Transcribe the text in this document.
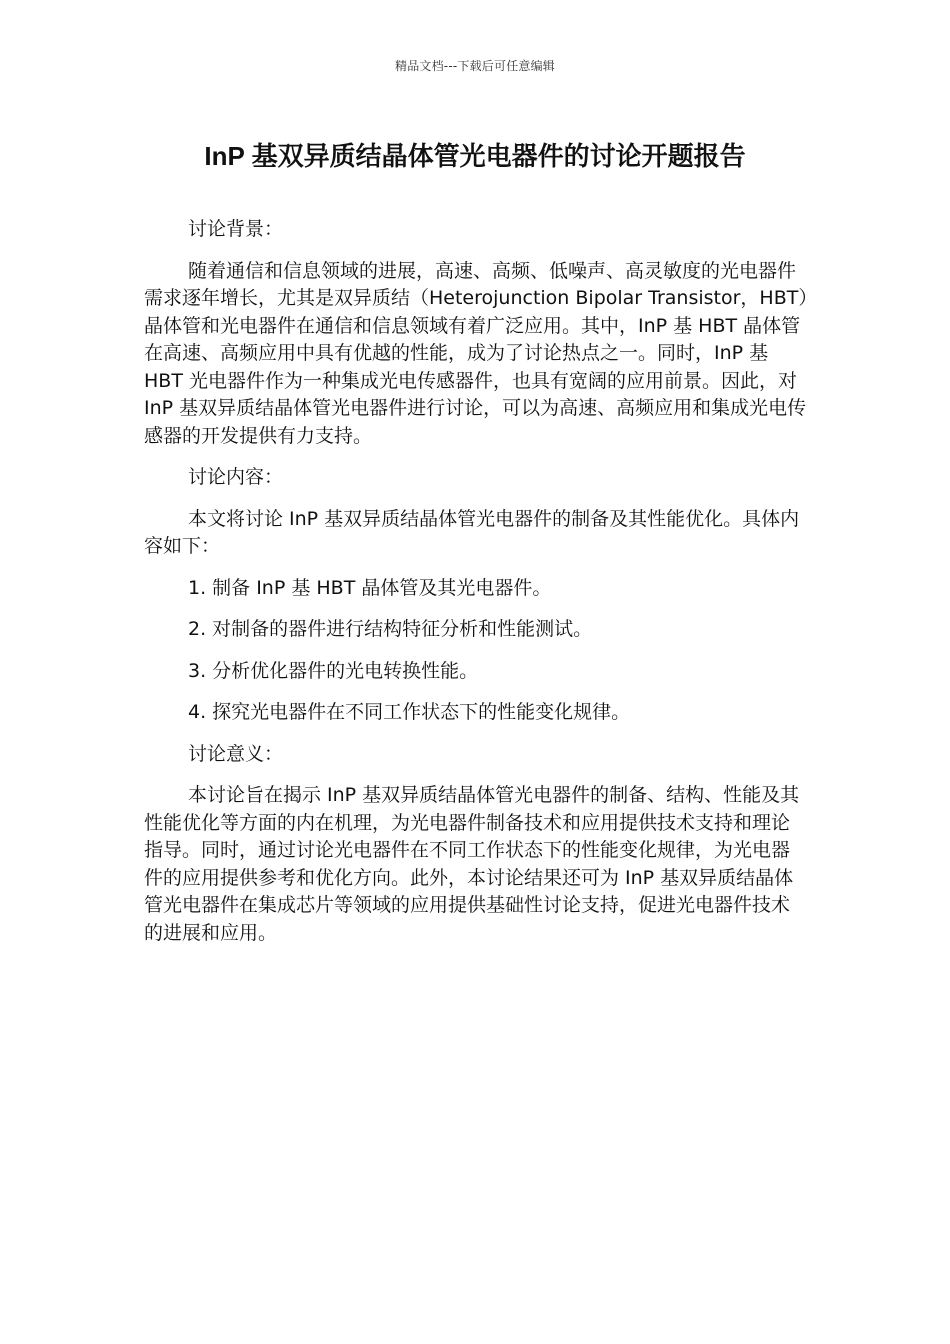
精品文档---下载后可任意编辑
InP 基双异质结晶体管光电器件的讨论开题报告

讨论背景：

随着通信和信息领域的进展，高速、高频、低噪声、高灵敏度的光电器件需求逐年增长，尤其是双异质结（Heterojunction Bipolar Transistor，HBT）晶体管和光电器件在通信和信息领域有着广泛应用。其中，InP 基 HBT 晶体管在高速、高频应用中具有优越的性能，成为了讨论热点之一。同时，InP 基 HBT 光电器件作为一种集成光电传感器件，也具有宽阔的应用前景。因此，对 InP 基双异质结晶体管光电器件进行讨论，可以为高速、高频应用和集成光电传感器的开发提供有力支持。

讨论内容：

本文将讨论 InP 基双异质结晶体管光电器件的制备及其性能优化。具体内容如下：

1. 制备 InP 基 HBT 晶体管及其光电器件。

2. 对制备的器件进行结构特征分析和性能测试。

3. 分析优化器件的光电转换性能。

4. 探究光电器件在不同工作状态下的性能变化规律。

讨论意义：

本讨论旨在揭示 InP 基双异质结晶体管光电器件的制备、结构、性能及其性能优化等方面的内在机理，为光电器件制备技术和应用提供技术支持和理论指导。同时，通过讨论光电器件在不同工作状态下的性能变化规律，为光电器件的应用提供参考和优化方向。此外，本讨论结果还可为 InP 基双异质结晶体管光电器件在集成芯片等领域的应用提供基础性讨论支持，促进光电器件技术的进展和应用。
